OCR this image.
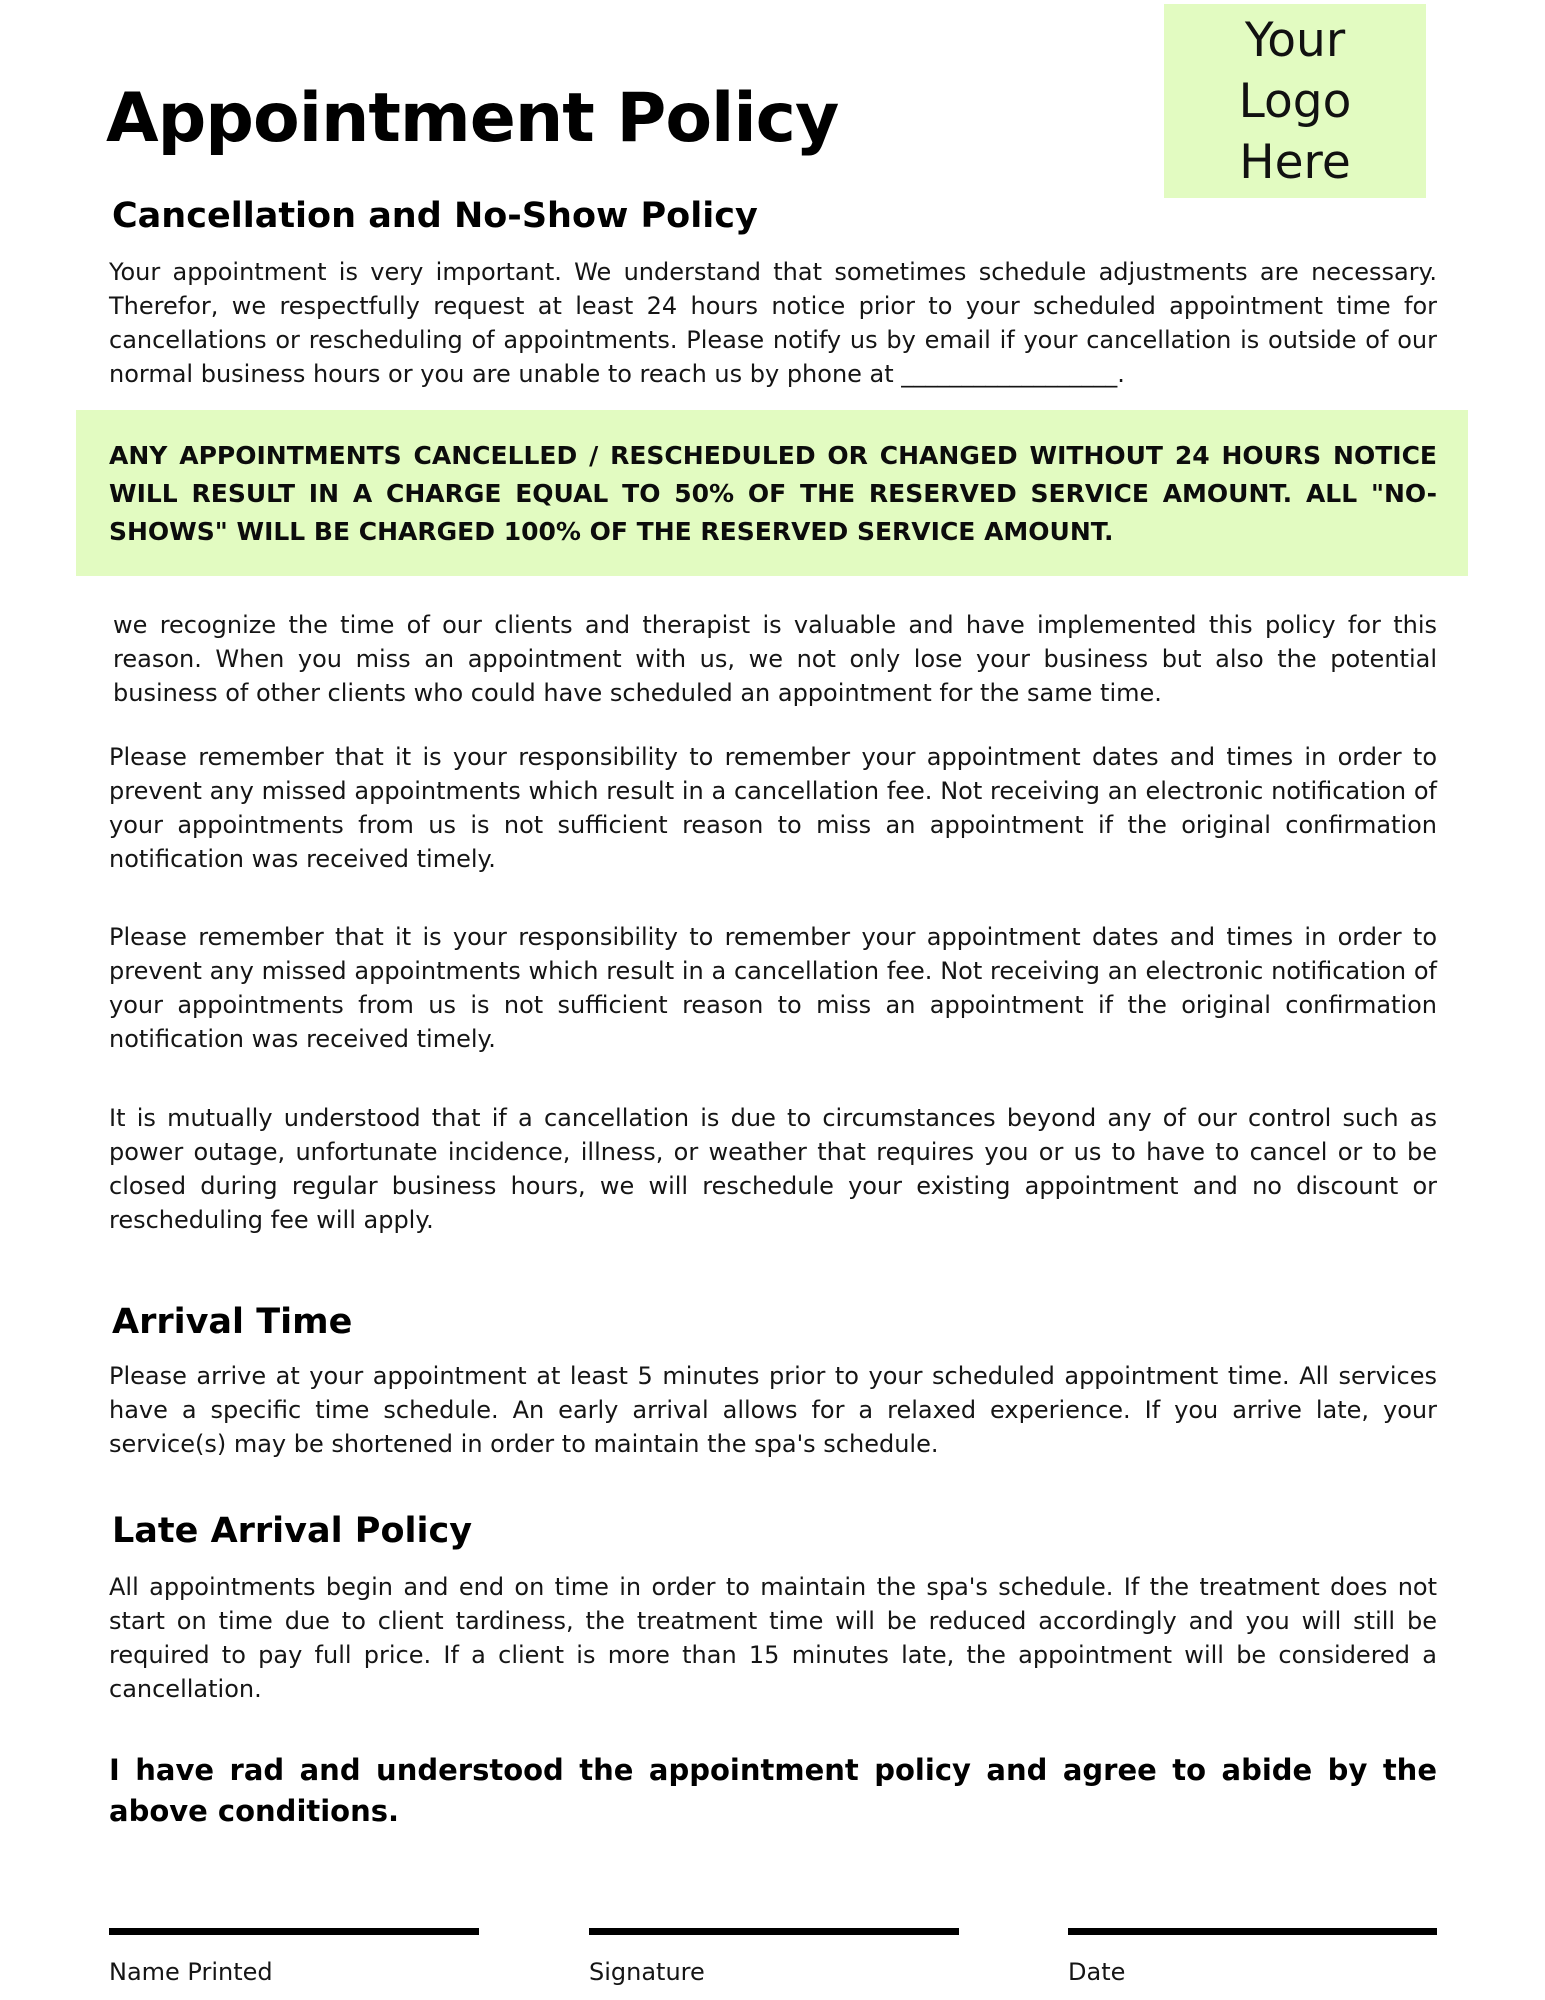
Appointment Policy
Your
Logo
Here
Cancellation and No-Show Policy

Your appointment is very important. We understand that sometimes schedule adjustments are necessary. Therefor, we respectfully request at least 24 hours notice prior to your scheduled appointment time for cancellations or rescheduling of appointments. Please notify us by email if your cancellation is outside of our normal business hours or you are unable to reach us by phone at __________________.

ANY APPOINTMENTS CANCELLED / RESCHEDULED OR CHANGED WITHOUT 24 HOURS NOTICE WILL RESULT IN A CHARGE EQUAL TO 50% OF THE RESERVED SERVICE AMOUNT. ALL "NO-SHOWS" WILL BE CHARGED 100% OF THE RESERVED SERVICE AMOUNT.

we recognize the time of our clients and therapist is valuable and have implemented this policy for this reason. When you miss an appointment with us, we not only lose your business but also the potential business of other clients who could have scheduled an appointment for the same time.

Please remember that it is your responsibility to remember your appointment dates and times in order to prevent any missed appointments which result in a cancellation fee. Not receiving an electronic notification of your appointments from us is not sufficient reason to miss an appointment if the original confirmation notification was received timely.

Please remember that it is your responsibility to remember your appointment dates and times in order to prevent any missed appointments which result in a cancellation fee. Not receiving an electronic notification of your appointments from us is not sufficient reason to miss an appointment if the original confirmation notification was received timely.

It is mutually understood that if a cancellation is due to circumstances beyond any of our control such as power outage, unfortunate incidence, illness, or weather that requires you or us to have to cancel or to be closed during regular business hours, we will reschedule your existing appointment and no discount or rescheduling fee will apply.

Arrival Time

Please arrive at your appointment at least 5 minutes prior to your scheduled appointment time. All services have a specific time schedule. An early arrival allows for a relaxed experience. If you arrive late, your service(s) may be shortened in order to maintain the spa's schedule.

Late Arrival Policy

All appointments begin and end on time in order to maintain the spa's schedule. If the treatment does not start on time due to client tardiness, the treatment time will be reduced accordingly and you will still be required to pay full price. If a client is more than 15 minutes late, the appointment will be considered a cancellation.

I have rad and understood the appointment policy and agree to abide by the above conditions.

Name Printed	Signature	Date
